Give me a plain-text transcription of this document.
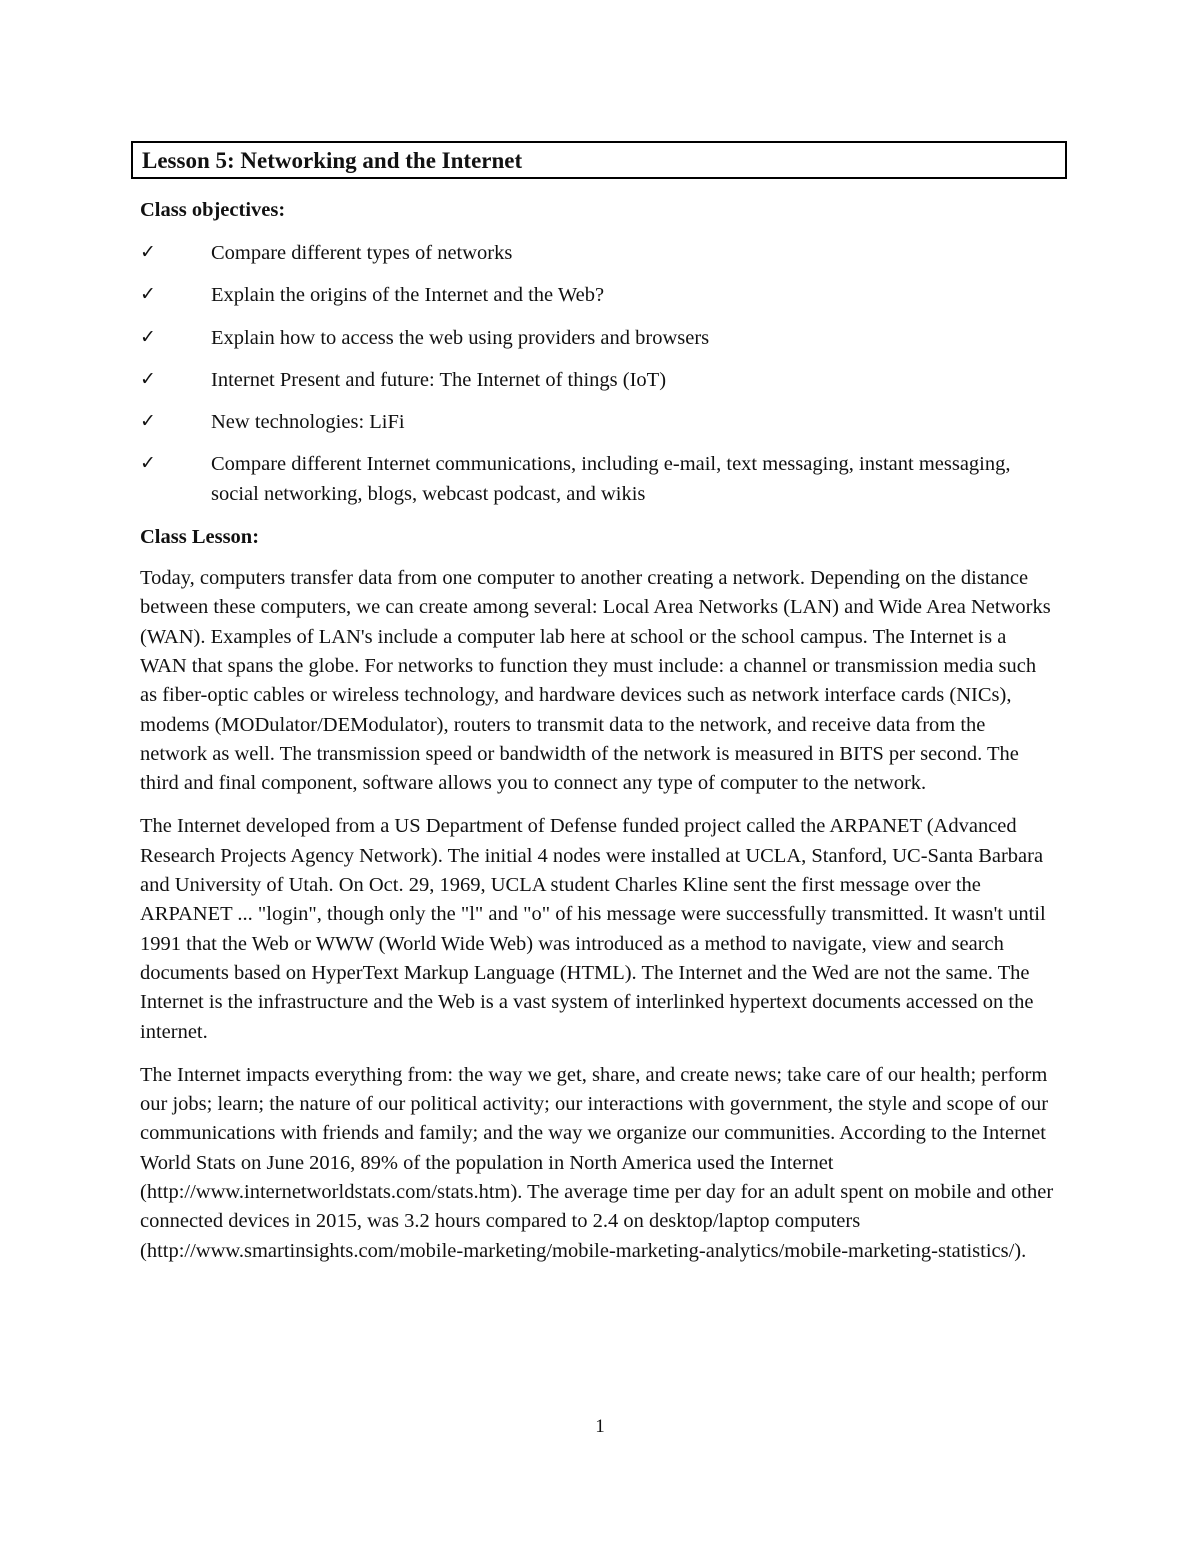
Lesson 5: Networking and the Internet
Class objectives:
✓	Compare different types of networks
✓	Explain the origins of the Internet and the Web?
✓	Explain how to access the web using providers and browsers
✓	Internet Present and future: The Internet of things (IoT)
✓	New technologies: LiFi
✓	Compare different Internet communications, including e-mail, text messaging, instant messaging, social networking, blogs, webcast podcast, and wikis
Class Lesson:

Today, computers transfer data from one computer to another creating a network. Depending on the distance between these computers, we can create among several: Local Area Networks (LAN) and Wide Area Networks (WAN). Examples of LAN's include a computer lab here at school or the school campus. The Internet is a WAN that spans the globe. For networks to function they must include: a channel or transmission media such as fiber-optic cables or wireless technology, and hardware devices such as network interface cards (NICs), modems (MODulator/DEModulator), routers to transmit data to the network, and receive data from the network as well. The transmission speed or bandwidth of the network is measured in BITS per second. The third and final component, software allows you to connect any type of computer to the network.

The Internet developed from a US Department of Defense funded project called the ARPANET (Advanced Research Projects Agency Network). The initial 4 nodes were installed at UCLA, Stanford, UC-Santa Barbara and University of Utah. On Oct. 29, 1969, UCLA student Charles Kline sent the first message over the ARPANET ... "login", though only the "l" and "o" of his message were successfully transmitted. It wasn't until 1991 that the Web or WWW (World Wide Web) was introduced as a method to navigate, view and search documents based on HyperText Markup Language (HTML). The Internet and the Wed are not the same. The Internet is the infrastructure and the Web is a vast system of interlinked hypertext documents accessed on the internet.

The Internet impacts everything from: the way we get, share, and create news; take care of our health; perform our jobs; learn; the nature of our political activity; our interactions with government, the style and scope of our communications with friends and family; and the way we organize our communities. According to the Internet World Stats on June 2016, 89% of the population in North America used the Internet (http://www.internetworldstats.com/stats.htm). The average time per day for an adult spent on mobile and other connected devices in 2015, was 3.2 hours compared to 2.4 on desktop/laptop computers (http://www.smartinsights.com/mobile-marketing/mobile-marketing-analytics/mobile-marketing-statistics/).

1
